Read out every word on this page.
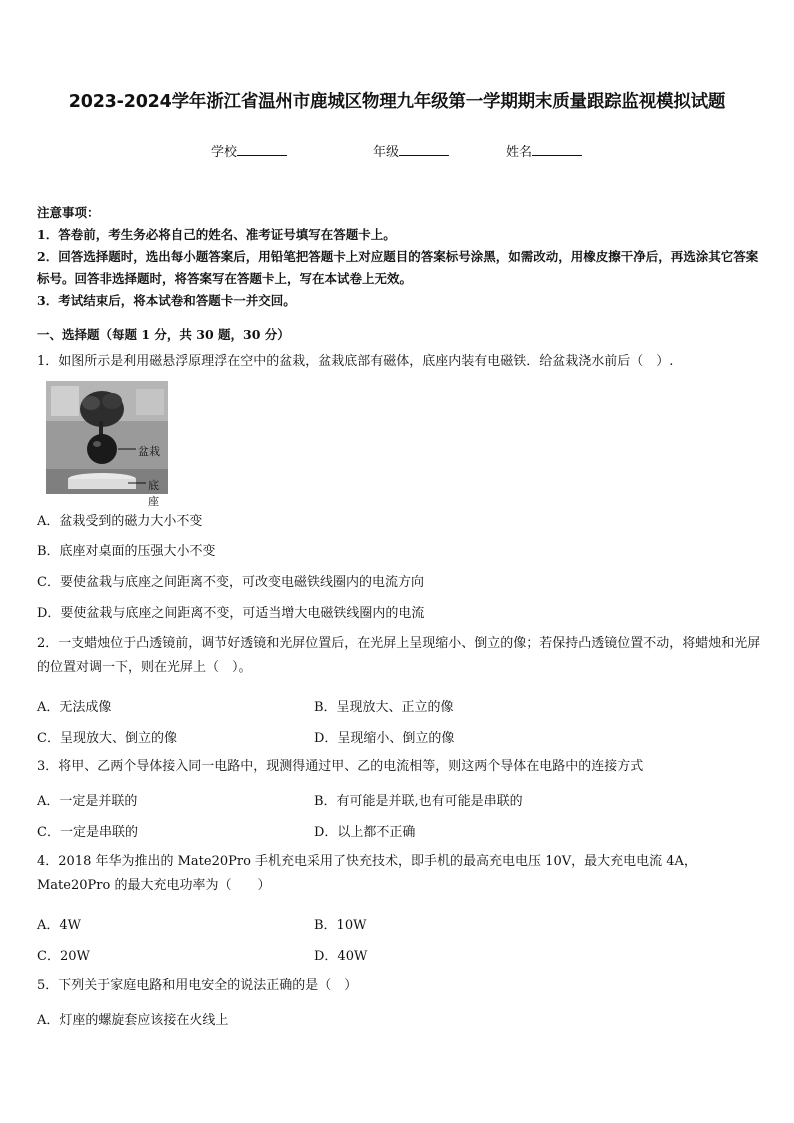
2023-2024学年浙江省温州市鹿城区物理九年级第一学期期末质量跟踪监视模拟试题
学校	年级	姓名
注意事项：
1．答卷前，考生务必将自己的姓名、准考证号填写在答题卡上。
2．回答选择题时，选出每小题答案后，用铅笔把答题卡上对应题目的答案标号涂黑，如需改动，用橡皮擦干净后，再选涂其它答案标号。回答非选择题时，将答案写在答题卡上，写在本试卷上无效。
3．考试结束后，将本试卷和答题卡一并交回。
一、选择题（每题 1 分，共 30 题，30 分）
1．如图所示是利用磁悬浮原理浮在空中的盆栽，盆栽底部有磁体，底座内装有电磁铁．给盆栽浇水前后（　）.
盆栽
底座
A．盆栽受到的磁力大小不变
B．底座对桌面的压强大小不变
C．要使盆栽与底座之间距离不变，可改变电磁铁线圈内的电流方向
D．要使盆栽与底座之间距离不变，可适当增大电磁铁线圈内的电流
2．一支蜡烛位于凸透镜前，调节好透镜和光屏位置后，在光屏上呈现缩小、倒立的像；若保持凸透镜位置不动，将蜡烛和光屏的位置对调一下，则在光屏上（　）。
A．无法成像	B．呈现放大、正立的像
C．呈现放大、倒立的像	D．呈现缩小、倒立的像
3．将甲、乙两个导体接入同一电路中，现测得通过甲、乙的电流相等，则这两个导体在电路中的连接方式
A．一定是并联的	B．有可能是并联,也有可能是串联的
C．一定是串联的	D．以上都不正确
4．2018 年华为推出的 Mate20Pro 手机充电采用了快充技术，即手机的最高充电电压 10V，最大充电电流 4A，Mate20Pro 的最大充电功率为（　　）
A．4W	B．10W
C．20W	D．40W
5．下列关于家庭电路和用电安全的说法正确的是（　）
A．灯座的螺旋套应该接在火线上
